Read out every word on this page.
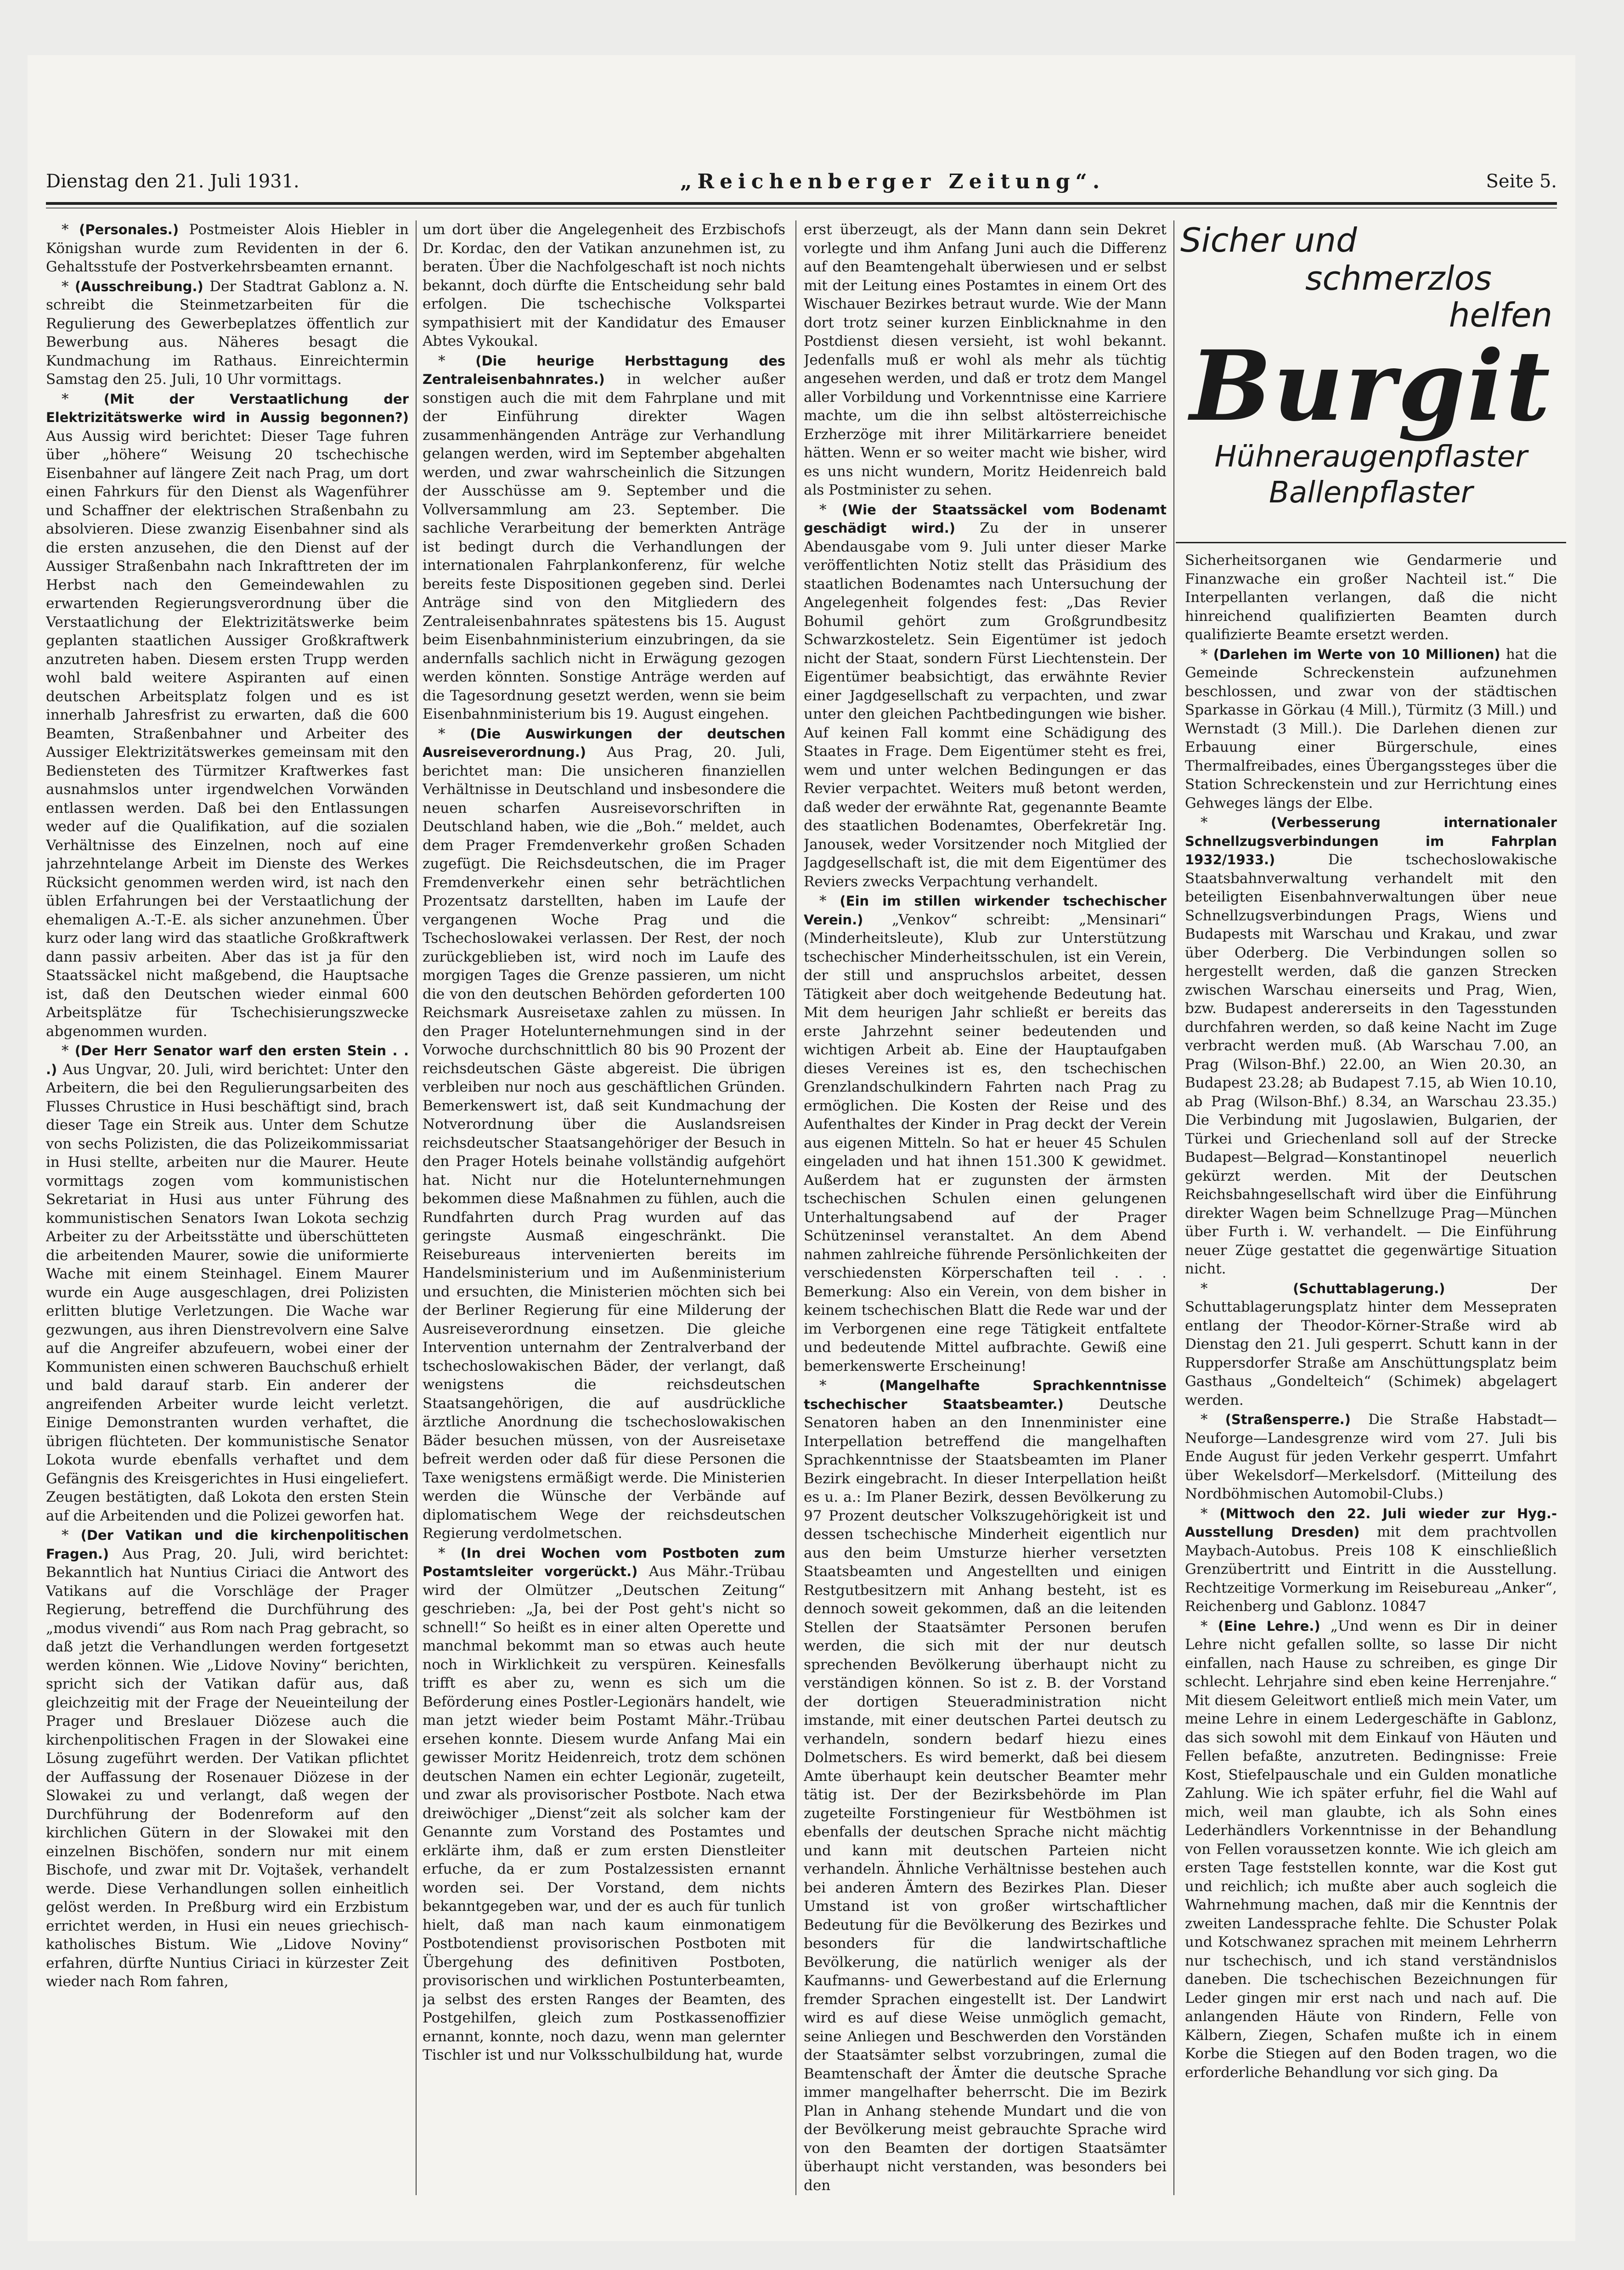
Dienstag den 21. Juli 1931.	„Reichenberger Zeitung“.	Seite 5.

* (Personales.) Postmeister Alois Hiebler in Königshan wurde zum Revidenten in der 6. Gehaltsstufe der Postverkehrsbeamten ernannt.

* (Ausschreibung.) Der Stadtrat Gablonz a. N. schreibt die Steinmetzarbeiten für die Regulierung des Gewerbeplatzes öffentlich zur Bewerbung aus. Näheres besagt die Kundmachung im Rathaus. Einreichtermin Samstag den 25. Juli, 10 Uhr vormittags.

* (Mit der Verstaatlichung der Elektrizitätswerke wird in Aussig begonnen?) Aus Aussig wird berichtet: Dieser Tage fuhren über „höhere“ Weisung 20 tschechische Eisenbahner auf längere Zeit nach Prag, um dort einen Fahrkurs für den Dienst als Wagenführer und Schaffner der elektrischen Straßenbahn zu absolvieren. Diese zwanzig Eisenbahner sind als die ersten anzusehen, die den Dienst auf der Aussiger Straßenbahn nach Inkrafttreten der im Herbst nach den Gemeindewahlen zu erwartenden Regierungsverordnung über die Verstaatlichung der Elektrizitätswerke beim geplanten staatlichen Aussiger Großkraftwerk anzutreten haben. Diesem ersten Trupp werden wohl bald weitere Aspiranten auf einen deutschen Arbeitsplatz folgen und es ist innerhalb Jahresfrist zu erwarten, daß die 600 Beamten, Straßenbahner und Arbeiter des Aussiger Elektrizitätswerkes gemeinsam mit den Bediensteten des Türmitzer Kraftwerkes fast ausnahmslos unter irgendwelchen Vorwänden entlassen werden. Daß bei den Entlassungen weder auf die Qualifikation, auf die sozialen Verhältnisse des Einzelnen, noch auf eine jahrzehntelange Arbeit im Dienste des Werkes Rücksicht genommen werden wird, ist nach den üblen Erfahrungen bei der Verstaatlichung der ehemaligen A.-T.-E. als sicher anzunehmen. Über kurz oder lang wird das staatliche Großkraftwerk dann passiv arbeiten. Aber das ist ja für den Staatssäckel nicht maßgebend, die Hauptsache ist, daß den Deutschen wieder einmal 600 Arbeitsplätze für Tschechisierungszwecke abgenommen wurden.

* (Der Herr Senator warf den ersten Stein . . .) Aus Ungvar, 20. Juli, wird berichtet: Unter den Arbeitern, die bei den Regulierungsarbeiten des Flusses Chrustice in Husi beschäftigt sind, brach dieser Tage ein Streik aus. Unter dem Schutze von sechs Polizisten, die das Polizeikommissariat in Husi stellte, arbeiten nur die Maurer. Heute vormittags zogen vom kommunistischen Sekretariat in Husi aus unter Führung des kommunistischen Senators Iwan Lokota sechzig Arbeiter zu der Arbeitsstätte und überschütteten die arbeitenden Maurer, sowie die uniformierte Wache mit einem Steinhagel. Einem Maurer wurde ein Auge ausgeschlagen, drei Polizisten erlitten blutige Verletzungen. Die Wache war gezwungen, aus ihren Dienstrevolvern eine Salve auf die Angreifer abzufeuern, wobei einer der Kommunisten einen schweren Bauchschuß erhielt und bald darauf starb. Ein anderer der angreifenden Arbeiter wurde leicht verletzt. Einige Demonstranten wurden verhaftet, die übrigen flüchteten. Der kommunistische Senator Lokota wurde ebenfalls verhaftet und dem Gefängnis des Kreisgerichtes in Husi eingeliefert. Zeugen bestätigten, daß Lokota den ersten Stein auf die Arbeitenden und die Polizei geworfen hat.

* (Der Vatikan und die kirchenpolitischen Fragen.) Aus Prag, 20. Juli, wird berichtet: Bekanntlich hat Nuntius Ciriaci die Antwort des Vatikans auf die Vorschläge der Prager Regierung, betreffend die Durchführung des „modus vivendi“ aus Rom nach Prag gebracht, so daß jetzt die Verhandlungen werden fortgesetzt werden können. Wie „Lidove Noviny“ berichten, spricht sich der Vatikan dafür aus, daß gleichzeitig mit der Frage der Neueinteilung der Prager und Breslauer Diözese auch die kirchenpolitischen Fragen in der Slowakei eine Lösung zugeführt werden. Der Vatikan pflichtet der Auffassung der Rosenauer Diözese in der Slowakei zu und verlangt, daß wegen der Durchführung der Bodenreform auf den kirchlichen Gütern in der Slowakei mit den einzelnen Bischöfen, sondern nur mit einem Bischofe, und zwar mit Dr. Vojtašek, verhandelt werde. Diese Verhandlungen sollen einheitlich gelöst werden. In Preßburg wird ein Erzbistum errichtet werden, in Husi ein neues griechisch-katholisches Bistum. Wie „Lidove Noviny“ erfahren, dürfte Nuntius Ciriaci in kürzester Zeit wieder nach Rom fahren,

um dort über die Angelegenheit des Erzbischofs Dr. Kordac, den der Vatikan anzunehmen ist, zu beraten. Über die Nachfolgeschaft ist noch nichts bekannt, doch dürfte die Entscheidung sehr bald erfolgen. Die tschechische Volkspartei sympathisiert mit der Kandidatur des Emauser Abtes Vykoukal.

* (Die heurige Herbsttagung des Zentraleisenbahnrates.) in welcher außer sonstigen auch die mit dem Fahrplane und mit der Einführung direkter Wagen zusammenhängenden Anträge zur Verhandlung gelangen werden, wird im September abgehalten werden, und zwar wahrscheinlich die Sitzungen der Ausschüsse am 9. September und die Vollversammlung am 23. September. Die sachliche Verarbeitung der bemerkten Anträge ist bedingt durch die Verhandlungen der internationalen Fahrplankonferenz, für welche bereits feste Dispositionen gegeben sind. Derlei Anträge sind von den Mitgliedern des Zentraleisenbahnrates spätestens bis 15. August beim Eisenbahnministerium einzubringen, da sie andernfalls sachlich nicht in Erwägung gezogen werden könnten. Sonstige Anträge werden auf die Tagesordnung gesetzt werden, wenn sie beim Eisenbahnministerium bis 19. August eingehen.

* (Die Auswirkungen der deutschen Ausreiseverordnung.) Aus Prag, 20. Juli, berichtet man: Die unsicheren finanziellen Verhältnisse in Deutschland und insbesondere die neuen scharfen Ausreisevorschriften in Deutschland haben, wie die „Boh.“ meldet, auch dem Prager Fremdenverkehr großen Schaden zugefügt. Die Reichsdeutschen, die im Prager Fremdenverkehr einen sehr beträchtlichen Prozentsatz darstellten, haben im Laufe der vergangenen Woche Prag und die Tschechoslowakei verlassen. Der Rest, der noch zurückgeblieben ist, wird noch im Laufe des morgigen Tages die Grenze passieren, um nicht die von den deutschen Behörden geforderten 100 Reichsmark Ausreisetaxe zahlen zu müssen. In den Prager Hotelunternehmungen sind in der Vorwoche durchschnittlich 80 bis 90 Prozent der reichsdeutschen Gäste abgereist. Die übrigen verbleiben nur noch aus geschäftlichen Gründen. Bemerkenswert ist, daß seit Kundmachung der Notverordnung über die Auslandsreisen reichsdeutscher Staatsangehöriger der Besuch in den Prager Hotels beinahe vollständig aufgehört hat. Nicht nur die Hotelunternehmungen bekommen diese Maßnahmen zu fühlen, auch die Rundfahrten durch Prag wurden auf das geringste Ausmaß eingeschränkt. Die Reisebureaus intervenierten bereits im Handelsministerium und im Außenministerium und ersuchten, die Ministerien möchten sich bei der Berliner Regierung für eine Milderung der Ausreiseverordnung einsetzen. Die gleiche Intervention unternahm der Zentralverband der tschechoslowakischen Bäder, der verlangt, daß wenigstens die reichsdeutschen Staatsangehörigen, die auf ausdrückliche ärztliche Anordnung die tschechoslowakischen Bäder besuchen müssen, von der Ausreisetaxe befreit werden oder daß für diese Personen die Taxe wenigstens ermäßigt werde. Die Ministerien werden die Wünsche der Verbände auf diplomatischem Wege der reichsdeutschen Regierung verdolmetschen.

* (In drei Wochen vom Postboten zum Postamtsleiter vorgerückt.) Aus Mähr.-Trübau wird der Olmützer „Deutschen Zeitung“ geschrieben: „Ja, bei der Post geht's nicht so schnell!“ So heißt es in einer alten Operette und manchmal bekommt man so etwas auch heute noch in Wirklichkeit zu verspüren. Keinesfalls trifft es aber zu, wenn es sich um die Beförderung eines Postler-Legionärs handelt, wie man jetzt wieder beim Postamt Mähr.-Trübau ersehen konnte. Diesem wurde Anfang Mai ein gewisser Moritz Heidenreich, trotz dem schönen deutschen Namen ein echter Legionär, zugeteilt, und zwar als provisorischer Postbote. Nach etwa dreiwöchiger „Dienst“zeit als solcher kam der Genannte zum Vorstand des Postamtes und erklärte ihm, daß er zum ersten Dienstleiter erfuche, da er zum Postalzessisten ernannt worden sei. Der Vorstand, dem nichts bekanntgegeben war, und der es auch für tunlich hielt, daß man nach kaum einmonatigem Postbotendienst provisorischen Postboten mit Übergehung des definitiven Postboten, provisorischen und wirklichen Postunterbeamten, ja selbst des ersten Ranges der Beamten, des Postgehilfen, gleich zum Postkassenoffizier ernannt, konnte, noch dazu, wenn man gelernter Tischler ist und nur Volksschulbildung hat, wurde

erst überzeugt, als der Mann dann sein Dekret vorlegte und ihm Anfang Juni auch die Differenz auf den Beamtengehalt überwiesen und er selbst mit der Leitung eines Postamtes in einem Ort des Wischauer Bezirkes betraut wurde. Wie der Mann dort trotz seiner kurzen Einblicknahme in den Postdienst diesen versieht, ist wohl bekannt. Jedenfalls muß er wohl als mehr als tüchtig angesehen werden, und daß er trotz dem Mangel aller Vorbildung und Vorkenntnisse eine Karriere machte, um die ihn selbst altösterreichische Erzherzöge mit ihrer Militärkarriere beneidet hätten. Wenn er so weiter macht wie bisher, wird es uns nicht wundern, Moritz Heidenreich bald als Postminister zu sehen.

* (Wie der Staatssäckel vom Bodenamt geschädigt wird.) Zu der in unserer Abendausgabe vom 9. Juli unter dieser Marke veröffentlichten Notiz stellt das Präsidium des staatlichen Bodenamtes nach Untersuchung der Angelegenheit folgendes fest: „Das Revier Bohumil gehört zum Großgrundbesitz Schwarzkosteletz. Sein Eigentümer ist jedoch nicht der Staat, sondern Fürst Liechtenstein. Der Eigentümer beabsichtigt, das erwähnte Revier einer Jagdgesellschaft zu verpachten, und zwar unter den gleichen Pachtbedingungen wie bisher. Auf keinen Fall kommt eine Schädigung des Staates in Frage. Dem Eigentümer steht es frei, wem und unter welchen Bedingungen er das Revier verpachtet. Weiters muß betont werden, daß weder der erwähnte Rat, gegenannte Beamte des staatlichen Bodenamtes, Oberfekretär Ing. Janousek, weder Vorsitzender noch Mitglied der Jagdgesellschaft ist, die mit dem Eigentümer des Reviers zwecks Verpachtung verhandelt.

* (Ein im stillen wirkender tschechischer Verein.) „Venkov“ schreibt: „Mensinari“ (Minderheitsleute), Klub zur Unterstützung tschechischer Minderheitsschulen, ist ein Verein, der still und anspruchslos arbeitet, dessen Tätigkeit aber doch weitgehende Bedeutung hat. Mit dem heurigen Jahr schließt er bereits das erste Jahrzehnt seiner bedeutenden und wichtigen Arbeit ab. Eine der Hauptaufgaben dieses Vereines ist es, den tschechischen Grenzlandschulkindern Fahrten nach Prag zu ermöglichen. Die Kosten der Reise und des Aufenthaltes der Kinder in Prag deckt der Verein aus eigenen Mitteln. So hat er heuer 45 Schulen eingeladen und hat ihnen 151.300 K gewidmet. Außerdem hat er zugunsten der ärmsten tschechischen Schulen einen gelungenen Unterhaltungsabend auf der Prager Schützeninsel veranstaltet. An dem Abend nahmen zahlreiche führende Persönlichkeiten der verschiedensten Körperschaften teil . . . Bemerkung: Also ein Verein, von dem bisher in keinem tschechischen Blatt die Rede war und der im Verborgenen eine rege Tätigkeit entfaltete und bedeutende Mittel aufbrachte. Gewiß eine bemerkenswerte Erscheinung!

* (Mangelhafte Sprachkenntnisse tschechischer Staatsbeamter.) Deutsche Senatoren haben an den Innenminister eine Interpellation betreffend die mangelhaften Sprachkenntnisse der Staatsbeamten im Planer Bezirk eingebracht. In dieser Interpellation heißt es u. a.: Im Planer Bezirk, dessen Bevölkerung zu 97 Prozent deutscher Volkszugehörigkeit ist und dessen tschechische Minderheit eigentlich nur aus den beim Umsturze hierher versetzten Staatsbeamten und Angestellten und einigen Restgutbesitzern mit Anhang besteht, ist es dennoch soweit gekommen, daß an die leitenden Stellen der Staatsämter Personen berufen werden, die sich mit der nur deutsch sprechenden Bevölkerung überhaupt nicht zu verständigen können. So ist z. B. der Vorstand der dortigen Steueradministration nicht imstande, mit einer deutschen Partei deutsch zu verhandeln, sondern bedarf hiezu eines Dolmetschers. Es wird bemerkt, daß bei diesem Amte überhaupt kein deutscher Beamter mehr tätig ist. Der der Bezirksbehörde im Plan zugeteilte Forstingenieur für Westböhmen ist ebenfalls der deutschen Sprache nicht mächtig und kann mit deutschen Parteien nicht verhandeln. Ähnliche Verhältnisse bestehen auch bei anderen Ämtern des Bezirkes Plan. Dieser Umstand ist von großer wirtschaftlicher Bedeutung für die Bevölkerung des Bezirkes und besonders für die landwirtschaftliche Bevölkerung, die natürlich weniger als der Kaufmanns- und Gewerbestand auf die Erlernung fremder Sprachen eingestellt ist. Der Landwirt wird es auf diese Weise unmöglich gemacht, seine Anliegen und Beschwerden den Vorständen der Staatsämter selbst vorzubringen, zumal die Beamtenschaft der Ämter die deutsche Sprache immer mangelhafter beherrscht. Die im Bezirk Plan in Anhang stehende Mundart und die von der Bevölkerung meist gebrauchte Sprache wird von den Beamten der dortigen Staatsämter überhaupt nicht verstanden, was besonders bei den

Sicher und
schmerzlos
helfen
Burgit
Hühneraugenpflaster
Ballenpflaster

Sicherheitsorganen wie Gendarmerie und Finanzwache ein großer Nachteil ist.“ Die Interpellanten verlangen, daß die nicht hinreichend qualifizierten Beamten durch qualifizierte Beamte ersetzt werden.

* (Darlehen im Werte von 10 Millionen) hat die Gemeinde Schreckenstein aufzunehmen beschlossen, und zwar von der städtischen Sparkasse in Görkau (4 Mill.), Türmitz (3 Mill.) und Wernstadt (3 Mill.). Die Darlehen dienen zur Erbauung einer Bürgerschule, eines Thermalfreibades, eines Übergangssteges über die Station Schreckenstein und zur Herrichtung eines Gehweges längs der Elbe.

* (Verbesserung internationaler Schnellzugsverbindungen im Fahrplan 1932/1933.)	Die tschechoslowakische Staatsbahnverwaltung verhandelt mit den beteiligten Eisenbahnverwaltungen über neue Schnellzugsverbindungen Prags, Wiens und Budapests mit Warschau und Krakau, und zwar über Oderberg. Die Verbindungen sollen so hergestellt werden, daß die ganzen Strecken zwischen Warschau einerseits und Prag, Wien, bzw. Budapest andererseits in den Tagesstunden durchfahren werden, so daß keine Nacht im Zuge verbracht werden muß. (Ab Warschau 7.00, an Prag (Wilson-Bhf.) 22.00, an Wien 20.30, an Budapest 23.28; ab Budapest 7.15, ab Wien 10.10, ab Prag (Wilson-Bhf.) 8.34, an Warschau 23.35.) Die Verbindung mit Jugoslawien, Bulgarien, der Türkei und Griechenland soll auf der Strecke Budapest—Belgrad—Konstantinopel neuerlich gekürzt werden. Mit der Deutschen Reichsbahngesellschaft wird über die Einführung direkter Wagen beim Schnellzuge Prag—München über Furth i. W. verhandelt. — Die Einführung neuer Züge gestattet die gegenwärtige Situation nicht.

* (Schuttablagerung.)	Der Schuttablagerungsplatz hinter dem Messepraten entlang der Theodor-Körner-Straße wird ab Dienstag den 21. Juli gesperrt. Schutt kann in der Ruppersdorfer Straße am Anschüttungsplatz beim Gasthaus „Gondelteich“ (Schimek) abgelagert werden.

* (Straßensperre.) Die Straße Habstadt—Neuforge—Landesgrenze wird vom 27. Juli bis Ende August für jeden Verkehr gesperrt. Umfahrt über Wekelsdorf—Merkelsdorf. (Mitteilung des Nordböhmischen Automobil-Clubs.)

* (Mittwoch den 22. Juli wieder zur Hyg.-Ausstellung Dresden) mit dem prachtvollen Maybach-Autobus. Preis 108 K einschließlich Grenzübertritt und Eintritt in die Ausstellung. Rechtzeitige Vormerkung im Reisebureau „Anker“, Reichenberg und Gablonz. 10847

* (Eine Lehre.) „Und wenn es Dir in deiner Lehre nicht gefallen sollte, so lasse Dir nicht einfallen, nach Hause zu schreiben, es ginge Dir schlecht. Lehrjahre sind eben keine Herrenjahre.“ Mit diesem Geleitwort entließ mich mein Vater, um meine Lehre in einem Ledergeschäfte in Gablonz, das sich sowohl mit dem Einkauf von Häuten und Fellen befaßte, anzutreten. Bedingnisse: Freie Kost, Stiefelpauschale und ein Gulden monatliche Zahlung. Wie ich später erfuhr, fiel die Wahl auf mich, weil man glaubte, ich als Sohn eines Lederhändlers Vorkenntnisse in der Behandlung von Fellen voraussetzen konnte. Wie ich gleich am ersten Tage feststellen konnte, war die Kost gut und reichlich; ich mußte aber auch sogleich die Wahrnehmung machen, daß mir die Kenntnis der zweiten Landessprache fehlte. Die Schuster Polak und Kotschwanez sprachen mit meinem Lehrherrn nur tschechisch, und ich stand verständnislos daneben. Die tschechischen Bezeichnungen für Leder gingen mir erst nach und nach auf. Die anlangenden Häute von Rindern, Felle von Kälbern, Ziegen, Schafen mußte ich in einem Korbe die Stiegen auf den Boden tragen, wo die erforderliche Behandlung vor sich ging. Da
